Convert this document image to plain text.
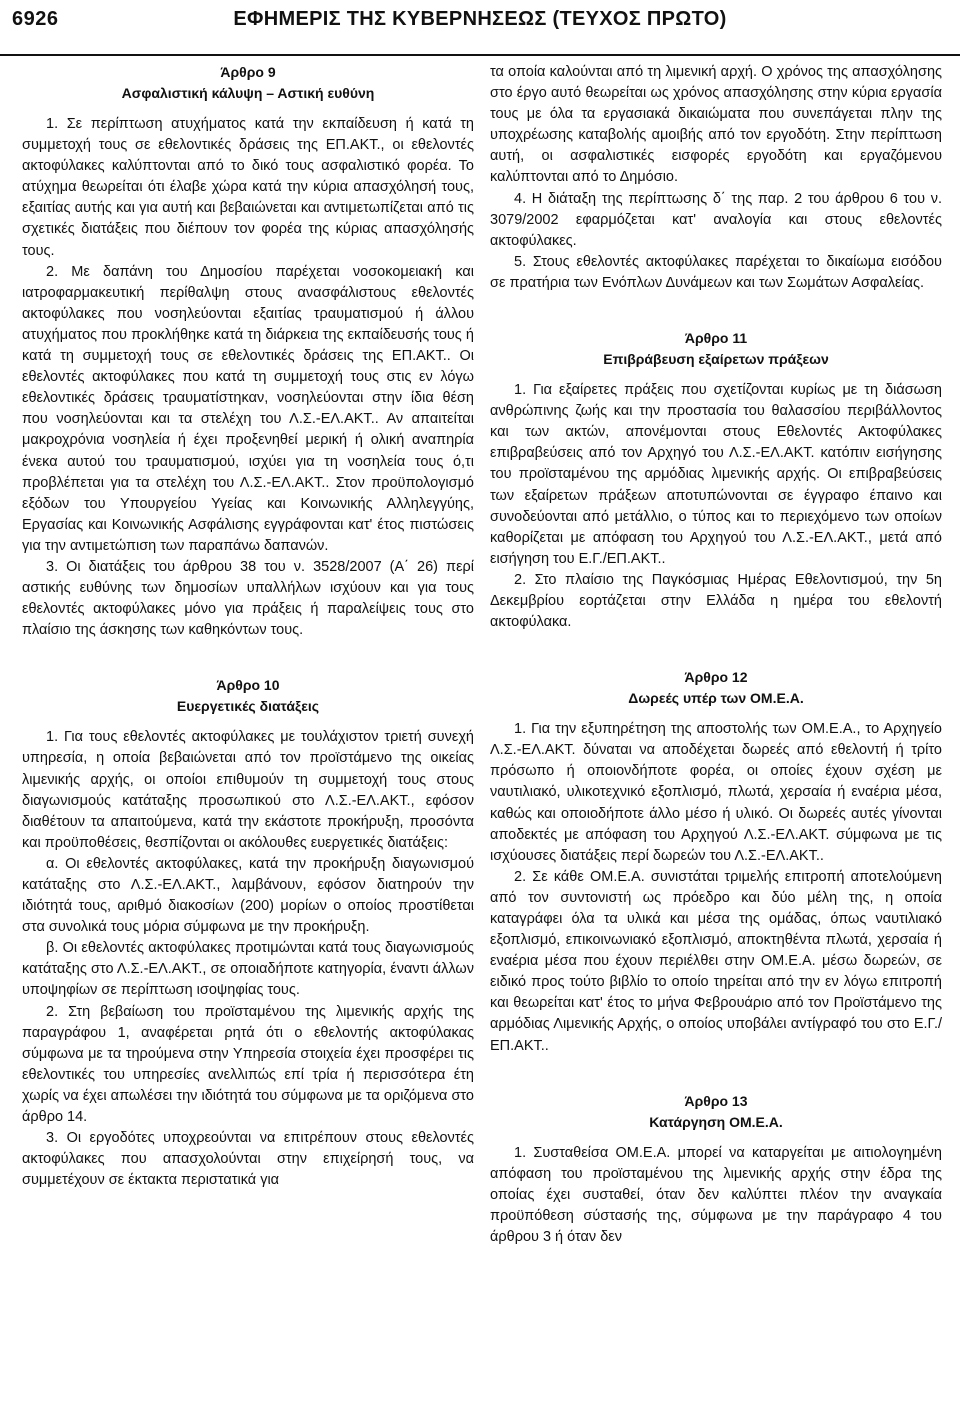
6926	ΕΦΗΜΕΡΙΣ ΤΗΣ ΚΥΒΕΡΝΗΣΕΩΣ (ΤΕΥΧΟΣ ΠΡΩΤΟ)
Άρθρο 9
Ασφαλιστική κάλυψη – Αστική ευθύνη

1. Σε περίπτωση ατυχήματος κατά την εκπαίδευση ή κατά τη συμμετοχή τους σε εθελοντικές δράσεις της ΕΠ.ΑΚΤ., οι εθελοντές ακτοφύλακες καλύπτονται από το δικό τους ασφαλιστικό φορέα. Το ατύχημα θεωρείται ότι έλαβε χώρα κατά την κύρια απασχόλησή τους, εξαιτίας αυτής και για αυτή και βεβαιώνεται και αντιμετωπίζεται από τις σχετικές διατάξεις που διέπουν τον φορέα της κύριας απασχόλησής τους.

2. Με δαπάνη του Δημοσίου παρέχεται νοσοκομειακή και ιατροφαρμακευτική περίθαλψη στους ανασφάλιστους εθελοντές ακτοφύλακες που νοσηλεύονται εξαιτίας τραυματισμού ή άλλου ατυχήματος που προκλήθηκε κατά τη διάρκεια της εκπαίδευσής τους ή κατά τη συμμετοχή τους σε εθελοντικές δράσεις της ΕΠ.ΑΚΤ.. Οι εθελοντές ακτοφύλακες που κατά τη συμμετοχή τους στις εν λόγω εθελοντικές δράσεις τραυματίστηκαν, νοσηλεύονται στην ίδια θέση που νοσηλεύονται και τα στελέχη του Λ.Σ.-ΕΛ.ΑΚΤ.. Αν απαιτείται μακροχρόνια νοσηλεία ή έχει προξενηθεί μερική ή ολική αναπηρία ένεκα αυτού του τραυματισμού, ισχύει για τη νοσηλεία τους ό,τι προβλέπεται για τα στελέχη του Λ.Σ.-ΕΛ.ΑΚΤ.. Στον προϋπολογισμό εξόδων του Υπουργείου Υγείας και Κοινωνικής Αλληλεγγύης, Εργασίας και Κοινωνικής Ασφάλισης εγγράφονται κατ' έτος πιστώσεις για την αντιμετώπιση των παραπάνω δαπανών.

3. Οι διατάξεις του άρθρου 38 του ν. 3528/2007 (Α΄ 26) περί αστικής ευθύνης των δημοσίων υπαλλήλων ισχύουν και για τους εθελοντές ακτοφύλακες μόνο για πράξεις ή παραλείψεις τους στο πλαίσιο της άσκησης των καθηκόντων τους.

Άρθρο 10
Ευεργετικές διατάξεις

1. Για τους εθελοντές ακτοφύλακες με τουλάχιστον τριετή συνεχή υπηρεσία, η οποία βεβαιώνεται από τον προϊστάμενο της οικείας λιμενικής αρχής, οι οποίοι επιθυμούν τη συμμετοχή τους στους διαγωνισμούς κατάταξης προσωπικού στο Λ.Σ.-ΕΛ.ΑΚΤ., εφόσον διαθέτουν τα απαιτούμενα, κατά την εκάστοτε προκήρυξη, προσόντα και προϋποθέσεις, θεσπίζονται οι ακόλουθες ευεργετικές διατάξεις:

α. Οι εθελοντές ακτοφύλακες, κατά την προκήρυξη διαγωνισμού κατάταξης στο Λ.Σ.-ΕΛ.ΑΚΤ., λαμβάνουν, εφόσον διατηρούν την ιδιότητά τους, αριθμό διακοσίων (200) μορίων ο οποίος προστίθεται στα συνολικά τους μόρια σύμφωνα με την προκήρυξη.

β. Οι εθελοντές ακτοφύλακες προτιμώνται κατά τους διαγωνισμούς κατάταξης στο Λ.Σ.-ΕΛ.ΑΚΤ., σε οποιαδήποτε κατηγορία, έναντι άλλων υποψηφίων σε περίπτωση ισοψηφίας τους.

2. Στη βεβαίωση του προϊσταμένου της λιμενικής αρχής της παραγράφου 1, αναφέρεται ρητά ότι ο εθελοντής ακτοφύλακας σύμφωνα με τα τηρούμενα στην Υπηρεσία στοιχεία έχει προσφέρει τις εθελοντικές του υπηρεσίες ανελλιπώς επί τρία ή περισσότερα έτη χωρίς να έχει απωλέσει την ιδιότητά του σύμφωνα με τα οριζόμενα στο άρθρο 14.

3. Οι εργοδότες υποχρεούνται να επιτρέπουν στους εθελοντές ακτοφύλακες που απασχολούνται στην επιχείρησή τους, να συμμετέχουν σε έκτακτα περιστατικά για

τα οποία καλούνται από τη λιμενική αρχή. Ο χρόνος της απασχόλησης στο έργο αυτό θεωρείται ως χρόνος απασχόλησης στην κύρια εργασία τους με όλα τα εργασιακά δικαιώματα που συνεπάγεται πλην της υποχρέωσης καταβολής αμοιβής από τον εργοδότη. Στην περίπτωση αυτή, οι ασφαλιστικές εισφορές εργοδότη και εργαζόμενου καλύπτονται από το Δημόσιο.

4. Η διάταξη της περίπτωσης δ΄ της παρ. 2 του άρθρου 6 του ν. 3079/2002 εφαρμόζεται κατ' αναλογία και στους εθελοντές ακτοφύλακες.

5. Στους εθελοντές ακτοφύλακες παρέχεται το δικαίωμα εισόδου σε πρατήρια των Ενόπλων Δυνάμεων και των Σωμάτων Ασφαλείας.

Άρθρο 11
Επιβράβευση εξαίρετων πράξεων

1. Για εξαίρετες πράξεις που σχετίζονται κυρίως με τη διάσωση ανθρώπινης ζωής και την προστασία του θαλασσίου περιβάλλοντος και των ακτών, απονέμονται στους Εθελοντές Ακτοφύλακες επιβραβεύσεις από τον Αρχηγό του Λ.Σ.-ΕΛ.ΑΚΤ. κατόπιν εισήγησης του προϊσταμένου της αρμόδιας λιμενικής αρχής. Οι επιβραβεύσεις των εξαίρετων πράξεων αποτυπώνονται σε έγγραφο έπαινο και συνοδεύονται από μετάλλιο, ο τύπος και το περιεχόμενο των οποίων καθορίζεται με απόφαση του Αρχηγού του Λ.Σ.-ΕΛ.ΑΚΤ., μετά από εισήγηση του Ε.Γ./ΕΠ.ΑΚΤ..

2. Στο πλαίσιο της Παγκόσμιας Ημέρας Εθελοντισμού, την 5η Δεκεμβρίου εορτάζεται στην Ελλάδα η ημέρα του εθελοντή ακτοφύλακα.

Άρθρο 12
Δωρεές υπέρ των ΟΜ.Ε.Α.

1. Για την εξυπηρέτηση της αποστολής των ΟΜ.Ε.Α., το Αρχηγείο Λ.Σ.-ΕΛ.ΑΚΤ. δύναται να αποδέχεται δωρεές από εθελοντή ή τρίτο πρόσωπο ή οποιονδήποτε φορέα, οι οποίες έχουν σχέση με ναυτιλιακό, υλικοτεχνικό εξοπλισμό, πλωτά, χερσαία ή εναέρια μέσα, καθώς και οποιοδήποτε άλλο μέσο ή υλικό. Οι δωρεές αυτές γίνονται αποδεκτές με απόφαση του Αρχηγού Λ.Σ.-ΕΛ.ΑΚΤ. σύμφωνα με τις ισχύουσες διατάξεις περί δωρεών του Λ.Σ.-ΕΛ.ΑΚΤ..

2. Σε κάθε ΟΜ.Ε.Α. συνιστάται τριμελής επιτροπή αποτελούμενη από τον συντονιστή ως πρόεδρο και δύο μέλη της, η οποία καταγράφει όλα τα υλικά και μέσα της ομάδας, όπως ναυτιλιακό εξοπλισμό, επικοινωνιακό εξοπλισμό, αποκτηθέντα πλωτά, χερσαία ή εναέρια μέσα που έχουν περιέλθει στην ΟΜ.Ε.Α. μέσω δωρεών, σε ειδικό προς τούτο βιβλίο το οποίο τηρείται από την εν λόγω επιτροπή και θεωρείται κατ' έτος το μήνα Φεβρουάριο από τον Προϊστάμενο της αρμόδιας Λιμενικής Αρχής, ο οποίος υποβάλει αντίγραφό του στο Ε.Γ./ΕΠ.ΑΚΤ..

Άρθρο 13
Κατάργηση ΟΜ.Ε.Α.

1. Συσταθείσα ΟΜ.Ε.Α. μπορεί να καταργείται με αιτιολογημένη απόφαση του προϊσταμένου της λιμενικής αρχής στην έδρα της οποίας έχει συσταθεί, όταν δεν καλύπτει πλέον την αναγκαία προϋπόθεση σύστασής της, σύμφωνα με την παράγραφο 4 του άρθρου 3 ή όταν δεν
